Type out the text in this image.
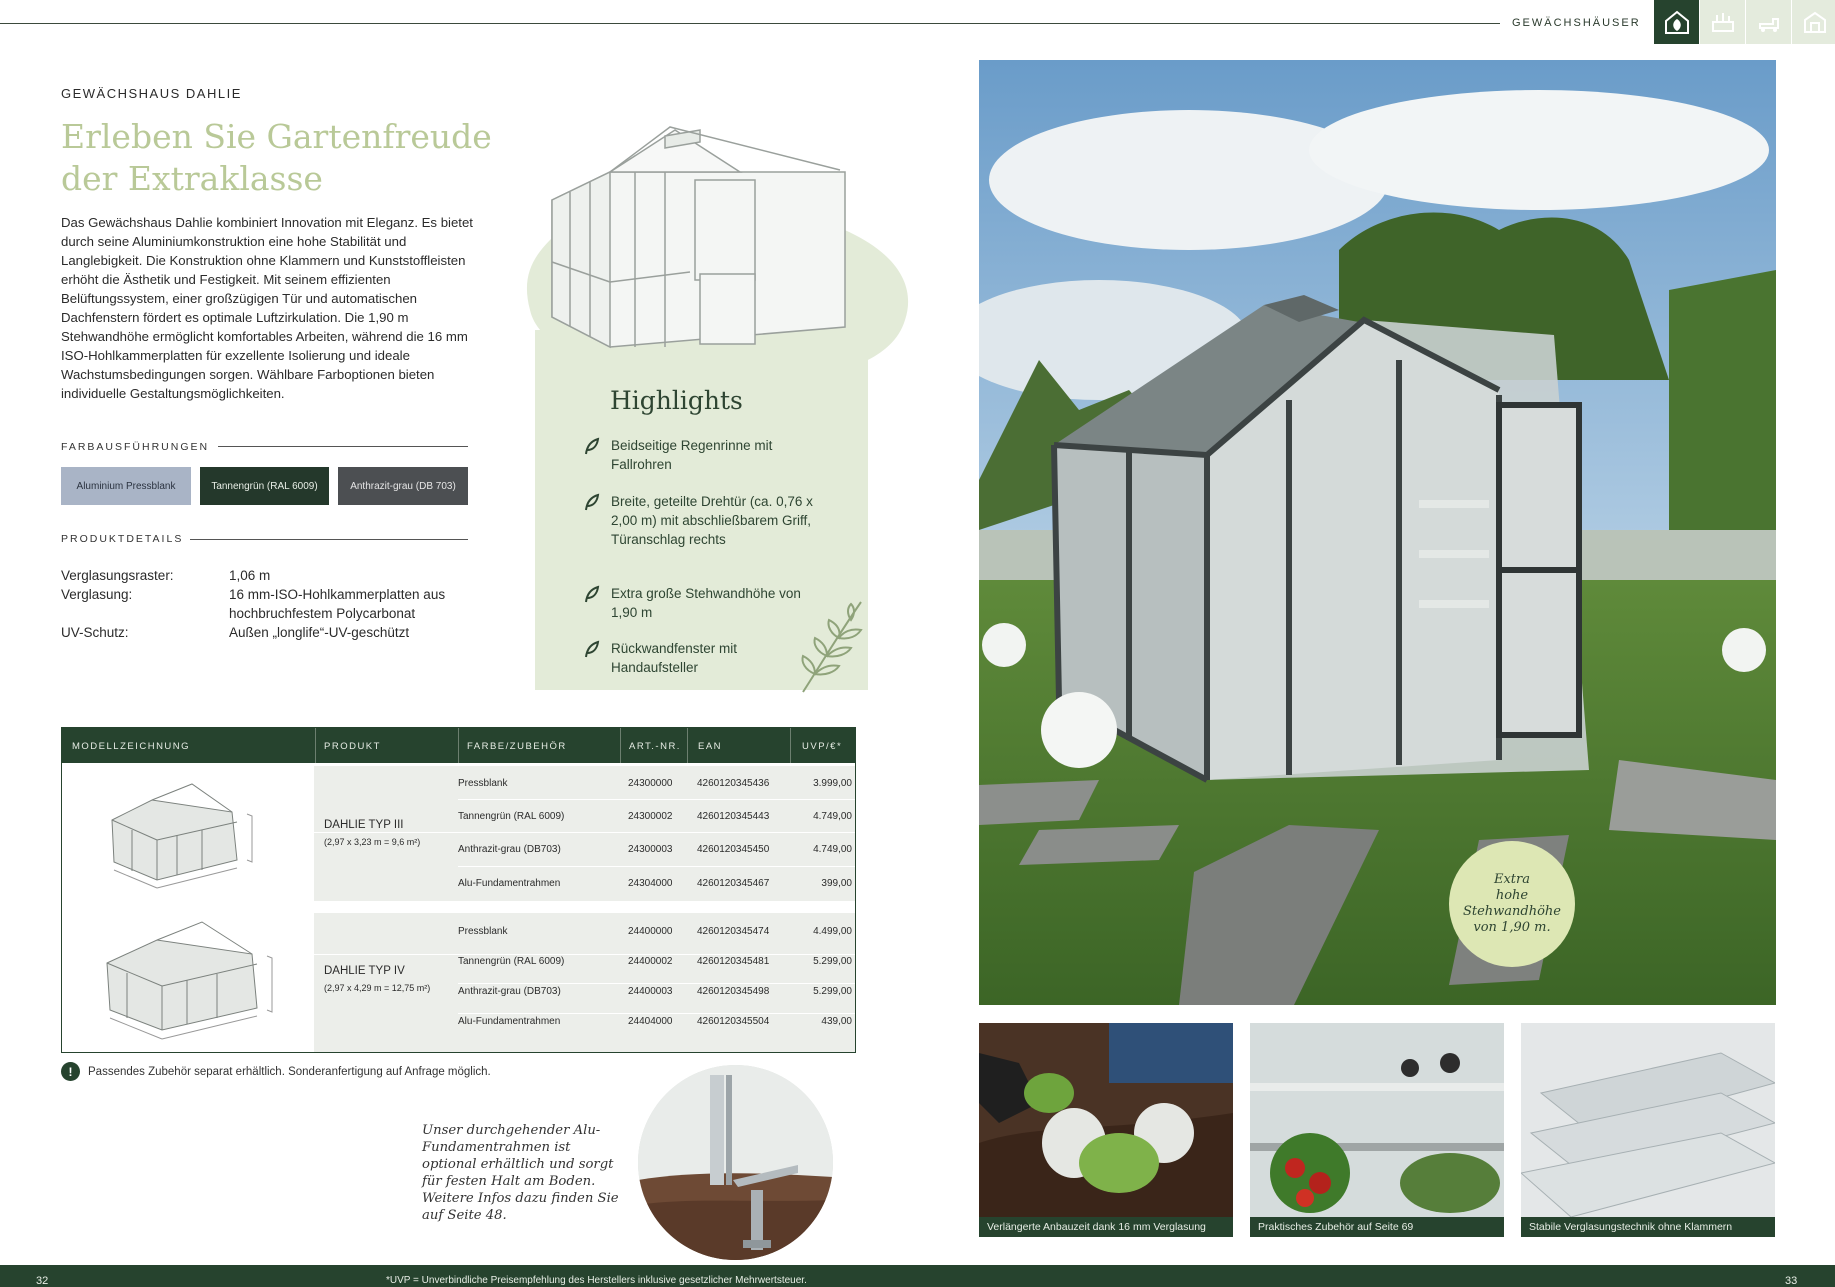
GEWÄCHSHÄUSER
GEWÄCHSHAUS DAHLIE
Erleben Sie Gartenfreude
der Extraklasse
Das Gewächshaus Dahlie kombiniert Innovation mit Eleganz. Es bietet durch seine Aluminiumkonstruktion eine hohe Stabilität und Langlebigkeit. Die Konstruktion ohne Klammern und Kunststoffleisten erhöht die Ästhetik und Festigkeit. Mit seinem effizienten Belüftungssystem, einer großzügigen Tür und automatischen Dachfenstern fördert es optimale Luftzirkulation. Die 1,90 m Stehwandhöhe ermöglicht komfortables Arbeiten, während die 16 mm ISO-Hohlkammerplatten für exzellente Isolierung und ideale Wachstumsbedingungen sorgen. Wählbare Farboptionen bieten individuelle Gestaltungsmöglichkeiten.
FARBAUSFÜHRUNGEN
Aluminium Pressblank	Tannengrün (RAL 6009)	Anthrazit-grau (DB 703)
PRODUKTDETAILS
Verglasungsraster:	1,06 m
Verglasung:	16 mm-ISO-Hohlkammerplatten aus hochbruchfestem Polycarbonat
UV-Schutz:	Außen „longlife“-UV-geschützt
Highlights
Beidseitige Regenrinne mit Fallrohren
Breite, geteilte Drehtür (ca. 0,76 x 2,00 m) mit abschließbarem Griff, Türanschlag rechts
Extra große Stehwandhöhe von 1,90 m
Rückwandfenster mit Handaufsteller
MODELLZEICHNUNG	PRODUKT	FARBE/ZUBEHÖR	ART.-NR. EAN	UVP/€*
DAHLIE TYP III
(2,97 x 3,23 m = 9,6 m²)
DAHLIE TYP IV
(2,97 x 4,29 m = 12,75 m²)
Pressblank	24300000 4260120345436	3.999,00
Tannengrün (RAL 6009)	24300002 4260120345443	4.749,00
Anthrazit-grau (DB703)	24300003 4260120345450	4.749,00
Alu-Fundamentrahmen	24304000 4260120345467	399,00
Pressblank	24400000 4260120345474	4.499,00
Tannengrün (RAL 6009)	24400002 4260120345481	5.299,00
Anthrazit-grau (DB703)	24400003 4260120345498	5.299,00
Alu-Fundamentrahmen	24404000 4260120345504	439,00
!	Passendes Zubehör separat erhältlich. Sonderanfertigung auf Anfrage möglich.
Unser durchgehender Alu-Fundamentrahmen ist optional erhältlich und sorgt für festen Halt am Boden. Weitere Infos dazu finden Sie auf Seite 48.
Extra
hohe
Stehwandhöhe
von 1,90 m.
Verlängerte Anbauzeit dank 16 mm Verglasung	Praktisches Zubehör auf Seite 69	Stabile Verglasungstechnik ohne Klammern
32	*UVP = Unverbindliche Preisempfehlung des Herstellers inklusive gesetzlicher Mehrwertsteuer.	33
